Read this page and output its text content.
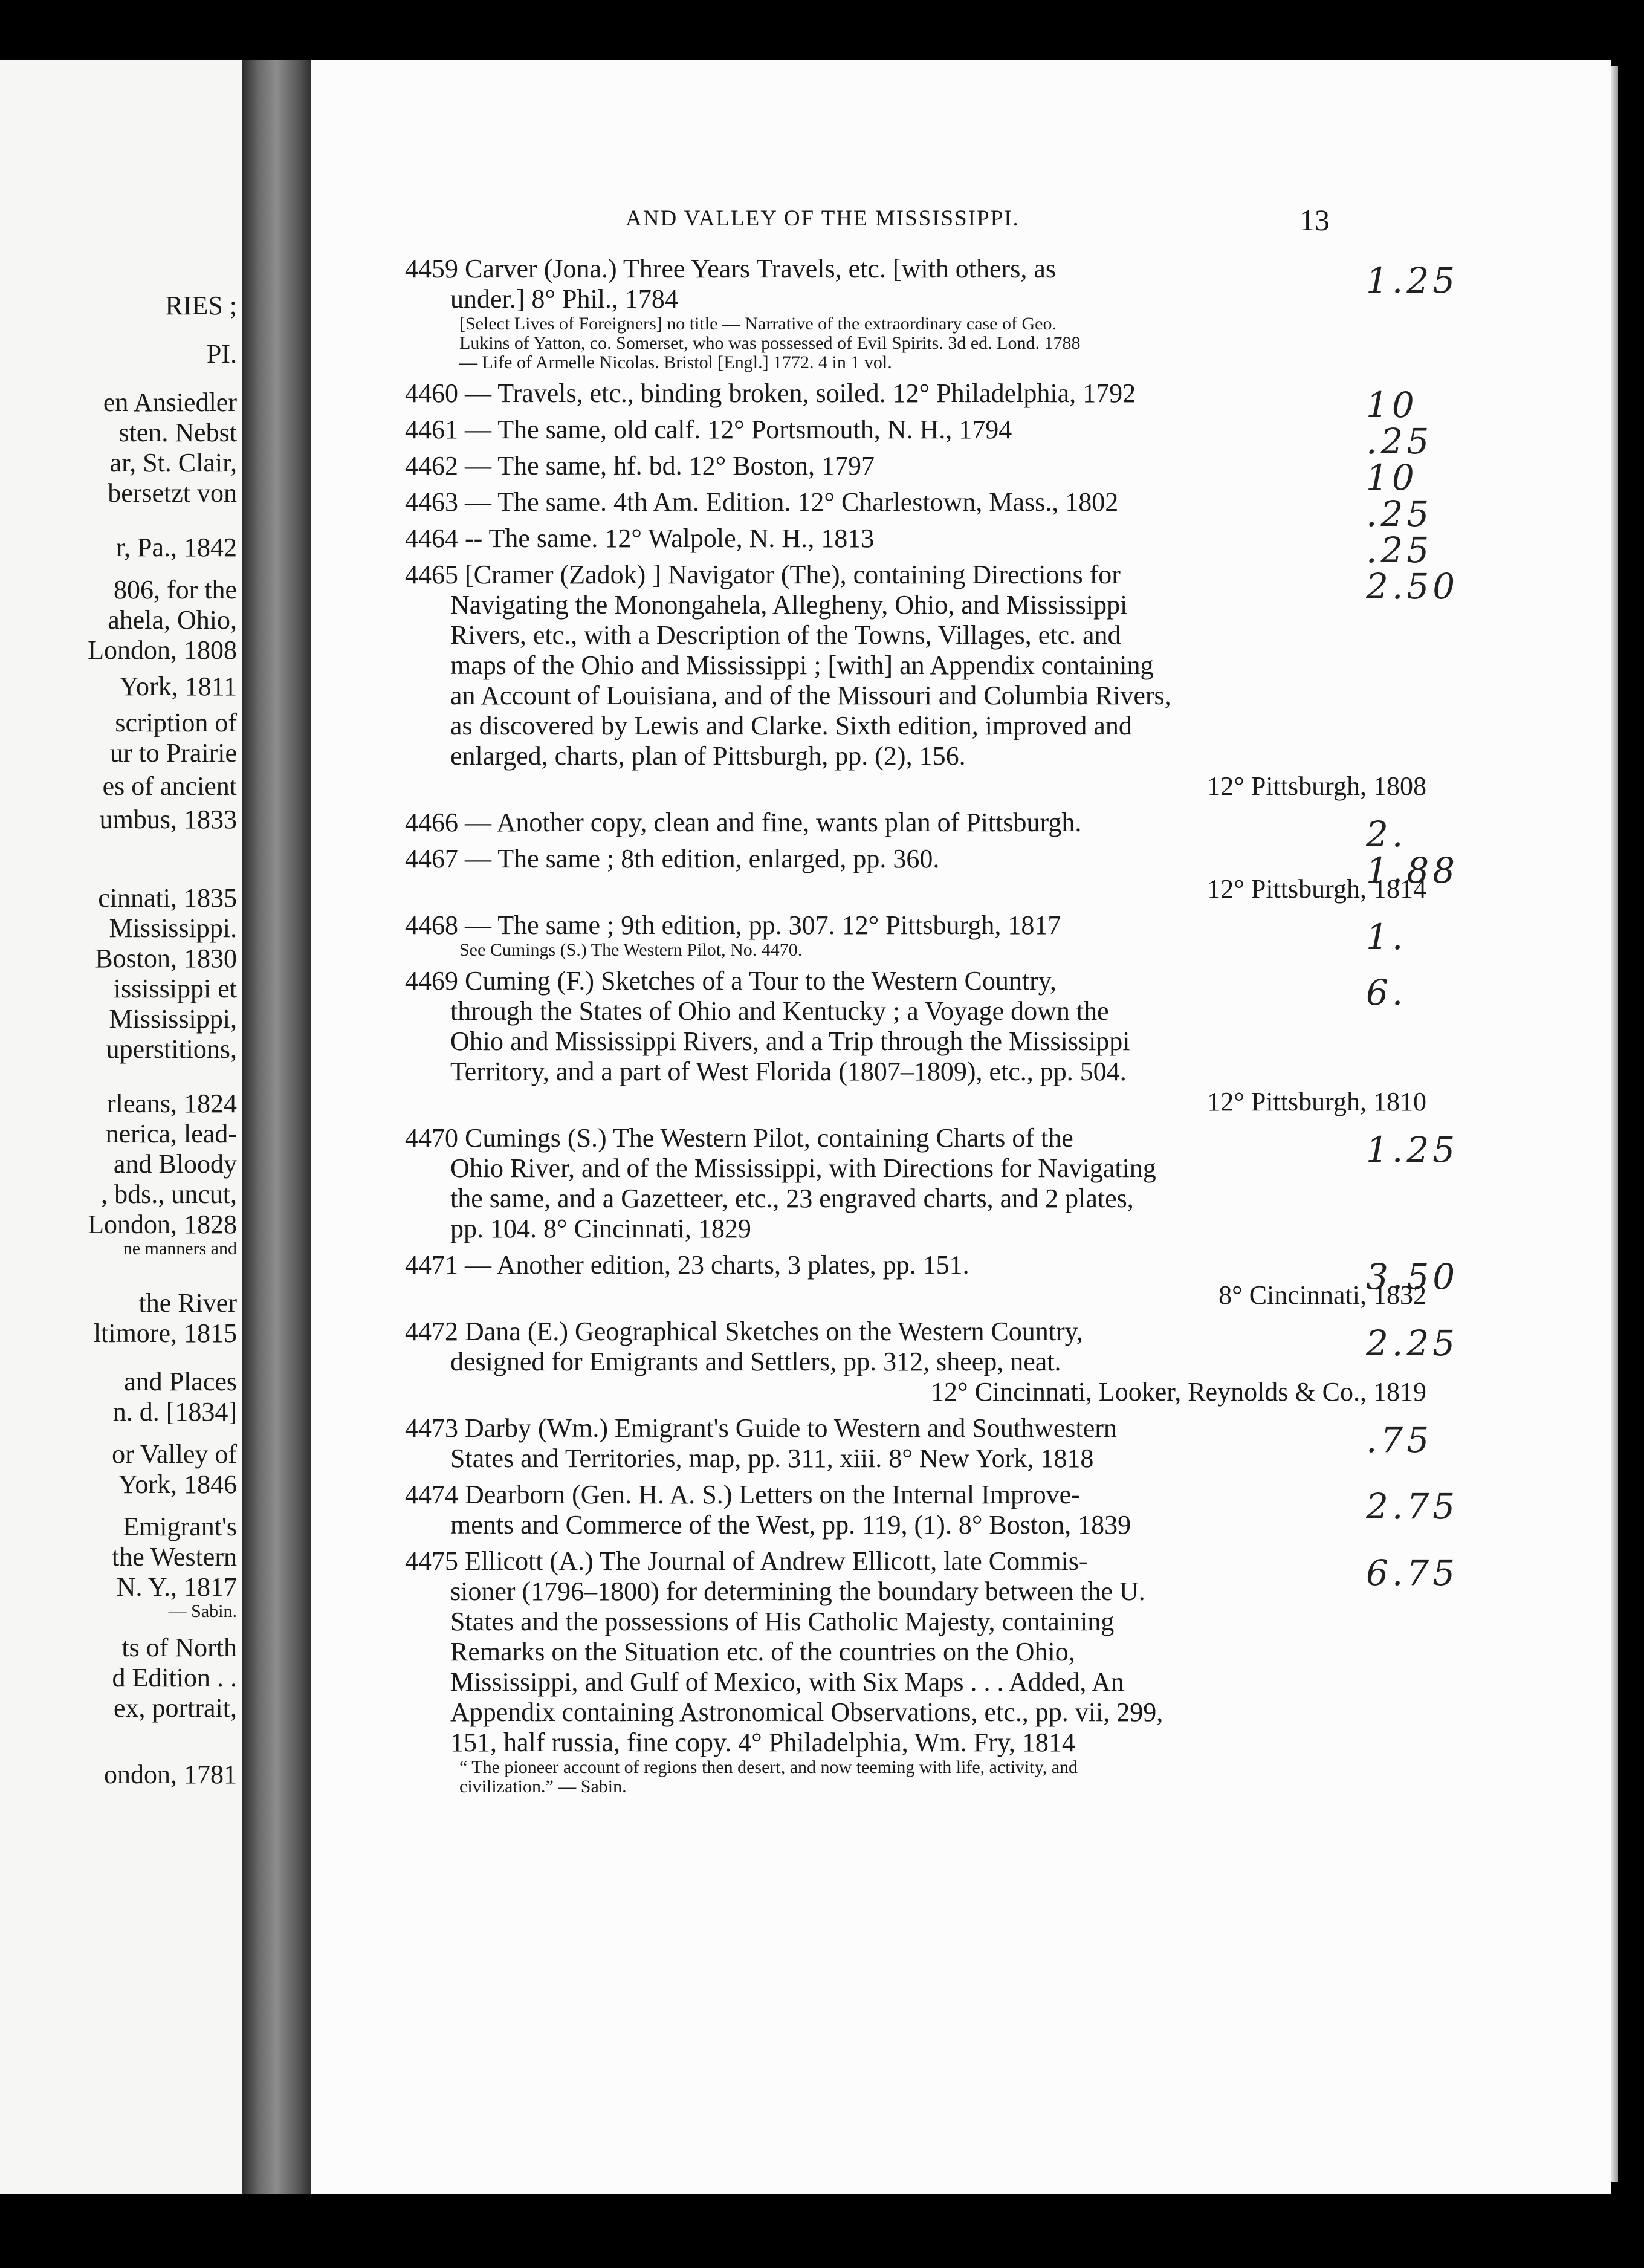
RIES ;
PI.
en Ansiedler
sten. Nebst
ar, St. Clair,
bersetzt von
r, Pa., 1842
806, for the
ahela, Ohio,
London, 1808
York, 1811
scription of
ur to Prairie
es of ancient
umbus, 1833
cinnati, 1835
Mississippi.
Boston, 1830
ississippi et
Mississippi,
uperstitions,
rleans, 1824
nerica, lead-
and Bloody
, bds., uncut,
London, 1828
ne manners and
the River
ltimore, 1815
and Places
n. d. [1834]
or Valley of
York, 1846
Emigrant's
the Western
N. Y., 1817
— Sabin.
ts of North
d Edition . .
ex, portrait,
ondon, 1781
AND VALLEY OF THE MISSISSIPPI.	13
4459 Carver (Jona.) Three Years Travels, etc. [with others, as
under.] 8° Phil., 1784
[Select Lives of Foreigners] no title — Narrative of the extraordinary case of Geo.
Lukins of Yatton, co. Somerset, who was possessed of Evil Spirits. 3d ed. Lond. 1788
— Life of Armelle Nicolas. Bristol [Engl.] 1772. 4 in 1 vol.
4460 — Travels, etc., binding broken, soiled. 12° Philadelphia, 1792
4461 — The same, old calf. 12° Portsmouth, N. H., 1794
4462 — The same, hf. bd. 12° Boston, 1797
4463 — The same. 4th Am. Edition. 12° Charlestown, Mass., 1802
4464 -- The same. 12° Walpole, N. H., 1813
4465 [Cramer (Zadok) ] Navigator (The), containing Directions for
Navigating the Monongahela, Allegheny, Ohio, and Mississippi
Rivers, etc., with a Description of the Towns, Villages, etc. and
maps of the Ohio and Mississippi ; [with] an Appendix containing
an Account of Louisiana, and of the Missouri and Columbia Rivers,
as discovered by Lewis and Clarke. Sixth edition, improved and
enlarged, charts, plan of Pittsburgh, pp. (2), 156.
12° Pittsburgh, 1808
4466 — Another copy, clean and fine, wants plan of Pittsburgh.
4467 — The same ; 8th edition, enlarged, pp. 360.
12° Pittsburgh, 1814
4468 — The same ; 9th edition, pp. 307. 12° Pittsburgh, 1817
See Cumings (S.) The Western Pilot, No. 4470.
4469 Cuming (F.) Sketches of a Tour to the Western Country,
through the States of Ohio and Kentucky ; a Voyage down the
Ohio and Mississippi Rivers, and a Trip through the Mississippi
Territory, and a part of West Florida (1807–1809), etc., pp. 504.
12° Pittsburgh, 1810
4470 Cumings (S.) The Western Pilot, containing Charts of the
Ohio River, and of the Mississippi, with Directions for Navigating
the same, and a Gazetteer, etc., 23 engraved charts, and 2 plates,
pp. 104. 8° Cincinnati, 1829
4471 — Another edition, 23 charts, 3 plates, pp. 151.
8° Cincinnati, 1832
4472 Dana (E.) Geographical Sketches on the Western Country,
designed for Emigrants and Settlers, pp. 312, sheep, neat.
12° Cincinnati, Looker, Reynolds & Co., 1819
4473 Darby (Wm.) Emigrant's Guide to Western and Southwestern
States and Territories, map, pp. 311, xiii. 8° New York, 1818
4474 Dearborn (Gen. H. A. S.) Letters on the Internal Improve-
ments and Commerce of the West, pp. 119, (1). 8° Boston, 1839
4475 Ellicott (A.) The Journal of Andrew Ellicott, late Commis-
sioner (1796–1800) for determining the boundary between the U.
States and the possessions of His Catholic Majesty, containing
Remarks on the Situation etc. of the countries on the Ohio,
Mississippi, and Gulf of Mexico, with Six Maps . . . Added, An
Appendix containing Astronomical Observations, etc., pp. vii, 299,
151, half russia, fine copy. 4° Philadelphia, Wm. Fry, 1814
“ The pioneer account of regions then desert, and now teeming with life, activity, and
civilization.” — Sabin.
1.25
10
.25
10
.25
.25
2.50
2.
1.88
1.
6.
1.25
3.50
2.25
.75
2.75
6.75
